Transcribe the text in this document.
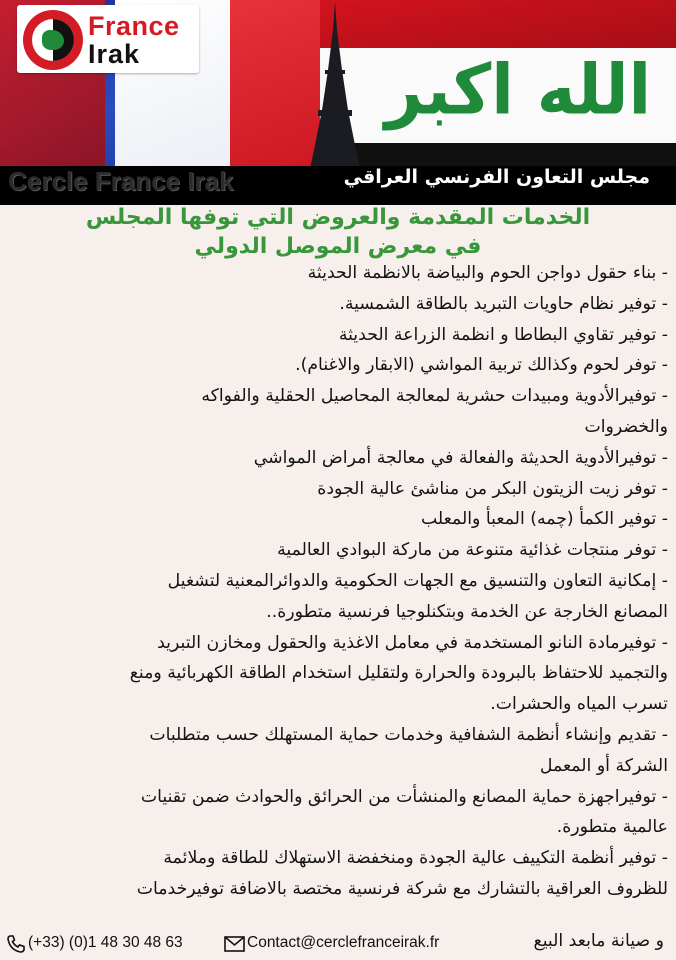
الله اكبر
France
Irak
Cercle France Irak	مجلس التعاون الفرنسي العراقي
الخدمات المقدمة والعروض التي توفها المجلس
في معرض الموصل الدولي
- بناء حقول دواجن الحوم والبياضة بالانظمة الحديثة
- توفير نظام حاويات التبريد بالطاقة الشمسية.
- توفير تقاوي البطاطا و انظمة الزراعة الحديثة
- توفر لحوم وكذالك تربية المواشي (الابقار والاغنام).
- توفيرالأدوية ومبيدات حشرية لمعالجة المحاصيل الحقلية والفواكه
والخضروات
- توفيرالأدوية الحديثة والفعالة في معالجة أمراض المواشي
- توفر زيت الزيتون البكر من مناشئ عالية الجودة
- توفير الكمأ (چمه) المعبأ والمعلب
- توفر منتجات غذائية متنوعة من ماركة البوادي العالمية
- إمكانية التعاون والتنسيق مع الجهات الحكومية والدوائرالمعنية لتشغيل
المصانع الخارجة عن الخدمة وبتكنلوجيا فرنسية متطورة..
- توفيرمادة النانو المستخدمة في معامل الاغذية والحقول ومخازن التبريد
والتجميد للاحتفاظ بالبرودة والحرارة ولتقليل استخدام الطاقة الكهربائية ومنع
تسرب المياه والحشرات.
- تقديم وإنشاء أنظمة الشفافية وخدمات حماية المستهلك حسب متطلبات
الشركة أو المعمل
- توفيراجهزة حماية المصانع والمنشأت من الحرائق والحوادث ضمن تقنيات
عالمية متطورة.
- توفير أنظمة التكييف عالية الجودة ومنخفضة الاستهلاك للطاقة وملائمة
للظروف العراقية بالتشارك مع شركة فرنسية مختصة بالاضافة توفيرخدمات
(+33) (0)1 48 30 48 63	Contact@cerclefranceirak.fr	و صيانة مابعد البيع
